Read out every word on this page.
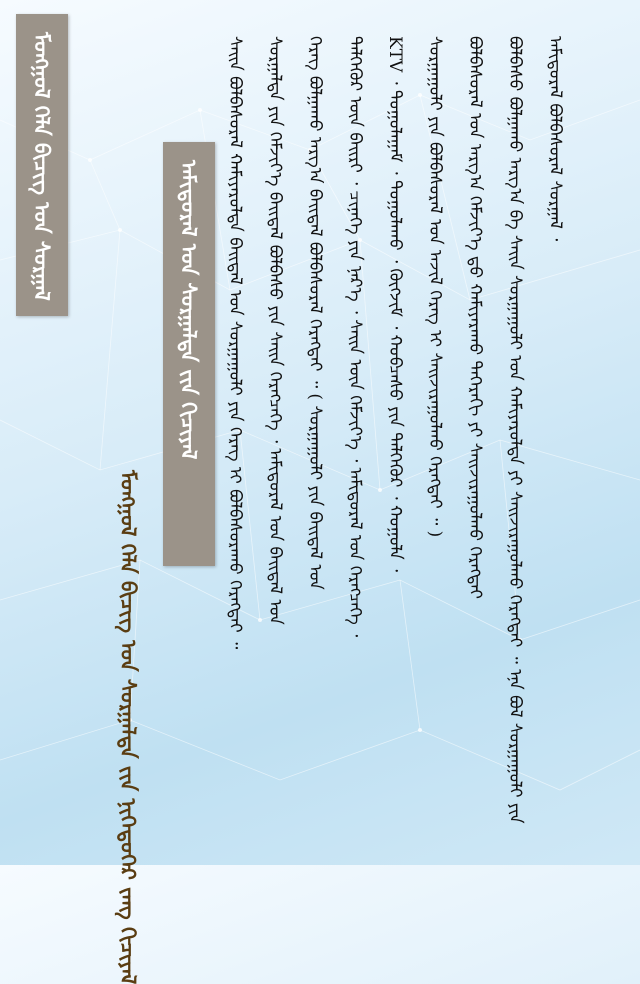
ᠮᠣᠩᠭᠣᠯ ᠬᠡᠯᠡ ᠪᠢᠴᠢᠭ ᠤᠨ ᠰᠤᠷᠭᠠᠯ	ᠠᠮᠢᠳᠤᠷᠠᠯ ᠤᠨ ᠰᠤᠷᠭᠠᠯᠲᠠ ᠵᠢᠨ ᠬᠢᠴᠢᠶᠡᠯ
ᠮᠣᠩᠭᠣᠯ ᠬᠡᠯᠡ ᠪᠢᠴᠢᠭ ᠤᠨ ᠰᠤᠷᠭᠠᠯᠲᠠ ᠵᠢᠨ ᠨᠢᠭᠡᠳᠦᠭᠡᠷ ᠵᠠᠩ ᠬᠢᠴᠢᠶᠡᠯ
ᠠᠮᠢᠳᠤᠷᠠᠯ ᠪᠣᠯᠪᠠᠰᠤᠷᠠᠯ ᠰᠤᠷᠭᠠᠯ ᠂
ᠪᠣᠯᠪᠠᠰᠤ ᠪᠣᠯᠭᠠᠬᠤ ᠠᠷᠭ᠎ᠠ ᠪᠠ ᠰᠠᠢᠨ ᠰᠤᠷᠭᠠᠭᠤᠯᠢ ᠤᠨ ᠬᠠᠮᠢᠶᠠᠷᠤᠯᠲᠠ ᠶᠢ ᠰᠠᠢᠵᠢᠷᠠᠭᠤᠯᠬᠤ ᠬᠡᠷᠡᠭᠲᠡᠢ ᠃ ᠡᠨᠡ ᠪᠣᠯ ᠰᠤᠷᠭᠠᠭᠤᠯᠢ ᠶᠢᠨ
ᠪᠣᠯᠪᠠᠰᠤᠷᠠᠯ ᠤᠨ ᠠᠷᠭ᠎ᠠ ᠬᠡᠮᠵᠢᠶ᠎ᠡ ᠳ᠋ᠤ ᠬᠠᠮᠢᠶᠠᠷᠠᠬᠤ ᠳᠡᠭᠡᠷᠡᠬᠢ ᠶᠢ ᠰᠠᠢᠵᠢᠷᠠᠭᠤᠯᠬᠤ ᠬᠡᠷᠡᠭᠲᠡᠢ
ᠰᠤᠷᠭᠠᠭᠤᠯᠢ ᠶᠢᠨ ᠪᠣᠯᠪᠠᠰᠤᠷᠠᠯ ᠤᠨ ᠠᠵᠢᠯ ᠬᠡᠷᠡᠭ ᠢ ᠰᠠᠢᠵᠢᠷᠠᠭᠤᠯᠬᠤ ᠬᠡᠷᠡᠭᠲᠡᠢ ᠃ )
KTV ᠂ ᠲᠣᠭᠣᠯᠠᠭᠠᠮ ᠂ ᠳᠤᠭᠤᠯᠠᠬᠤ ᠂ ᠬᠥᠭᠵᠢᠮ ᠂ ᠬᠤᠪᠴᠠᠰᠤ ᠶᠢᠨ ᠳᠡᠯᠭᠡᠭᠦᠷ ᠂ ᠬᠣᠭᠣᠯᠠ ᠂
ᠳᠡᠯᠭᠡᠭᠦᠷ ᠦᠨ ᠪᠠᠢᠷᠢ ᠂ ᠴᠢᠨᠡᠭᠡ ᠶᠢᠨ ᠨᠡᠷ᠎ᠡ ᠂ ᠰᠠᠢᠨ ᠦᠨ ᠬᠡᠮᠵᠢᠶ᠎ᠡ ᠂ ᠠᠮᠢᠳᠤᠷᠠᠯ ᠤᠨ ᠬᠡᠷᠡᠭᠴᠡᠭᠡ ᠂
ᠬᠡᠷᠡᠭ ᠪᠣᠯᠭᠠᠬᠤ ᠠᠷᠭ᠎ᠠ ᠪᠠᠢᠳᠠᠯ ᠪᠣᠯᠪᠠᠰᠤᠷᠠᠯ ᠬᠡᠷᠡᠭᠲᠡᠢ ᠃ ( ᠰᠤᠷᠭᠠᠭᠤᠯᠢ ᠶᠢᠨ ᠪᠠᠢᠳᠠᠯ ᠤᠨ
ᠰᠤᠷᠭᠠᠯᠲᠠ ᠶᠢᠨ ᠬᠡᠮᠵᠢᠶ᠎ᠡ ᠪᠠᠢᠳᠠᠯ ᠪᠣᠯᠪᠠᠰᠤ ᠶᠢᠨ ᠰᠠᠢᠨ ᠬᠡᠷᠡᠭᠴᠡᠭᠡ ᠂ ᠠᠮᠢᠳᠤᠷᠠᠯ ᠤᠨ ᠪᠠᠢᠳᠠᠯ ᠤᠨ
ᠰᠠᠢᠨ ᠪᠣᠯᠪᠠᠰᠤᠷᠠᠯ ᠬᠠᠮᠢᠶᠠᠷᠤᠯᠲᠠ ᠪᠠᠢᠳᠠᠯ ᠤᠨ ᠰᠤᠷᠭᠠᠭᠤᠯᠢ ᠶᠢᠨ ᠬᠡᠷᠡᠭ ᠢ ᠪᠣᠯᠪᠠᠰᠤᠷᠠᠬᠤ ᠬᠡᠷᠡᠭᠲᠡᠢ ᠃
